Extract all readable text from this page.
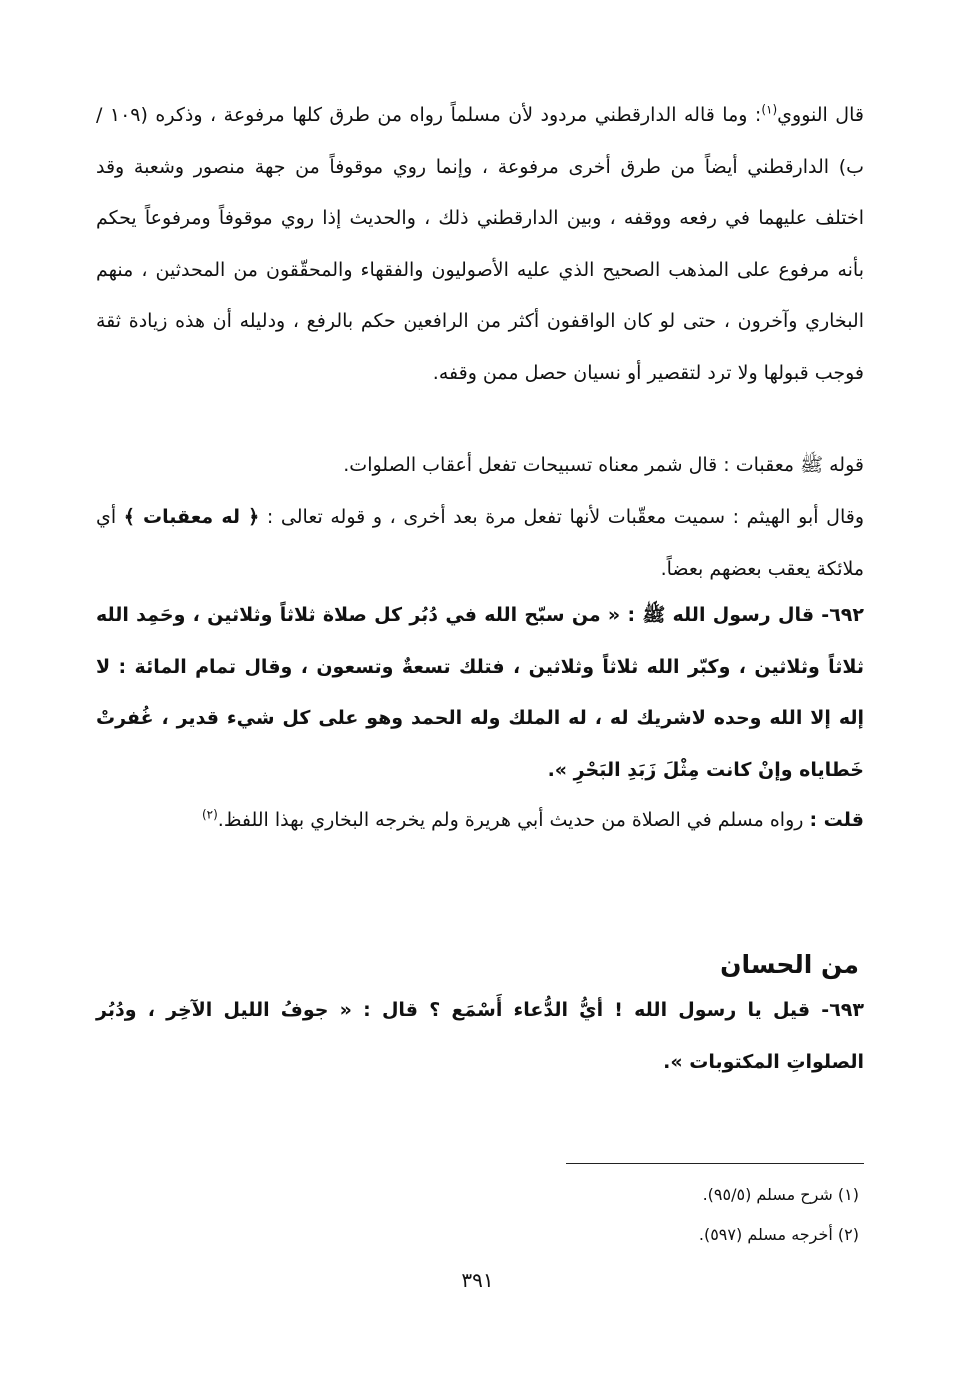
قال النووي$^{(١)}$: وما قاله الدارقطني مردود لأن مسلماً رواه من طرق كلها مرفوعة ، وذكره (١٠٩ / ب) الدارقطني أيضاً من طرق أخرى مرفوعة ، وإنما روي موقوفاً من جهة منصور وشعبة وقد اختلف عليهما في رفعه ووقفه ، وبين الدارقطني ذلك ، والحديث إذا روي موقوفاً ومرفوعاً يحكم بأنه مرفوع على المذهب الصحيح الذي عليه الأصوليون والفقهاء والمحقّقون من المحدثين ، منهم البخاري وآخرون ، حتى لو كان الواقفون أكثر من الرافعين حكم بالرفع ، ودليله أن هذه زيادة ثقة فوجب قبولها ولا ترد لتقصير أو نسيان حصل ممن وقفه.

قوله ﷺ معقبات : قال شمر معناه تسبيحات تفعل أعقاب الصلوات.

وقال أبو الهيثم : سميت معقّبات لأنها تفعل مرة بعد أخرى ، و قوله تعالى : ﴿ له معقبات ﴾ أي ملائكة يعقب بعضهم بعضاً.

٦٩٢- قال رسول الله ﷺ : « من سبّح الله في دُبُر كل صلاة ثلاثاً وثلاثين ، وحَمِد الله ثلاثاً وثلاثين ، وكبّر الله ثلاثاً وثلاثين ، فتلك تسعةٌ وتسعون ، وقال تمام المائة : لا إله إلا الله وحده لاشريك له ، له الملك وله الحمد وهو على كل شيء قدير ، غُفرتْ خَطاياه وإنْ كانت مِثْلَ زَبَدِ البَحْرِ ».

قلت : رواه مسلم في الصلاة من حديث أبي هريرة ولم يخرجه البخاري بهذا اللفظ.$^{(٢)}$

من الحسان

٦٩٣- قيل يا رسول الله ! أيُّ الدُّعاء أَسْمَع ؟ قال : « جوفُ الليل الآخِر ، ودُبُر الصلواتِ المكتوبات ».

(١) شرح مسلم (٩٥/٥).

(٢) أخرجه مسلم (٥٩٧).

٣٩١
